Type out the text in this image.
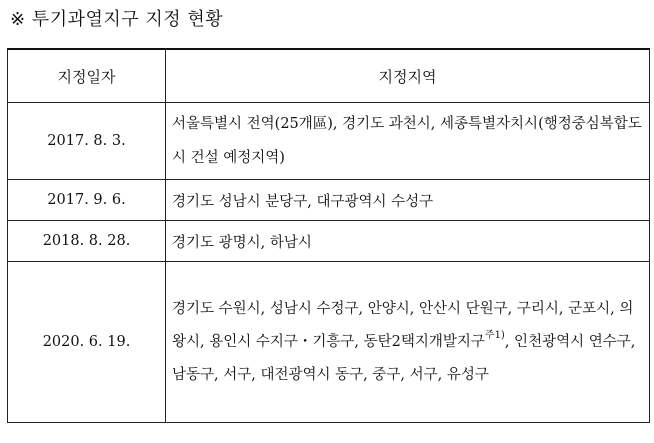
※ 투기과열지구 지정 현황
지정일자	지정지역
2017. 8. 3.	서울특별시 전역(25개區), 경기도 과천시, 세종특별자치시(행정중심복합도시 건설 예정지역)
2017. 9. 6.	경기도 성남시 분당구, 대구광역시 수성구
2018. 8. 28.	경기도 광명시, 하남시
2020. 6. 19.	경기도 수원시, 성남시 수정구, 안양시, 안산시 단원구, 구리시, 군포시, 의왕시, 용인시 수지구・기흥구, 동탄2택지개발지구$^{주1)}$, 인천광역시 연수구, 남동구, 서구, 대전광역시 동구, 중구, 서구, 유성구
